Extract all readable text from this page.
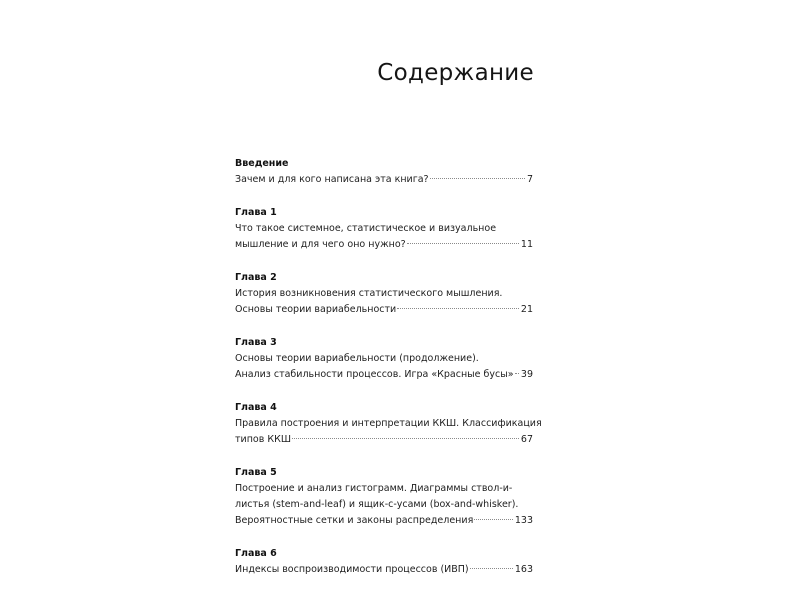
Содержание
Введение
Зачем и для кого написана эта книга?	7
Глава 1
Что такое системное, статистическое и визуальное
мышление и для чего оно нужно?	11
Глава 2
История возникновения статистического мышления.
Основы теории вариабельности	21
Глава 3
Основы теории вариабельности (продолжение).
Анализ стабильности процессов. Игра «Красные бусы» 39
Глава 4
Правила построения и интерпретации ККШ. Классификация
типов ККШ	67
Глава 5
Построение и анализ гистограмм. Диаграммы ствол-и-
листья (stem-and-leaf) и ящик-с-усами (box-and-whisker).
Вероятностные сетки и законы распределения	133
Глава 6
Индексы воспроизводимости процессов (ИВП)	163
